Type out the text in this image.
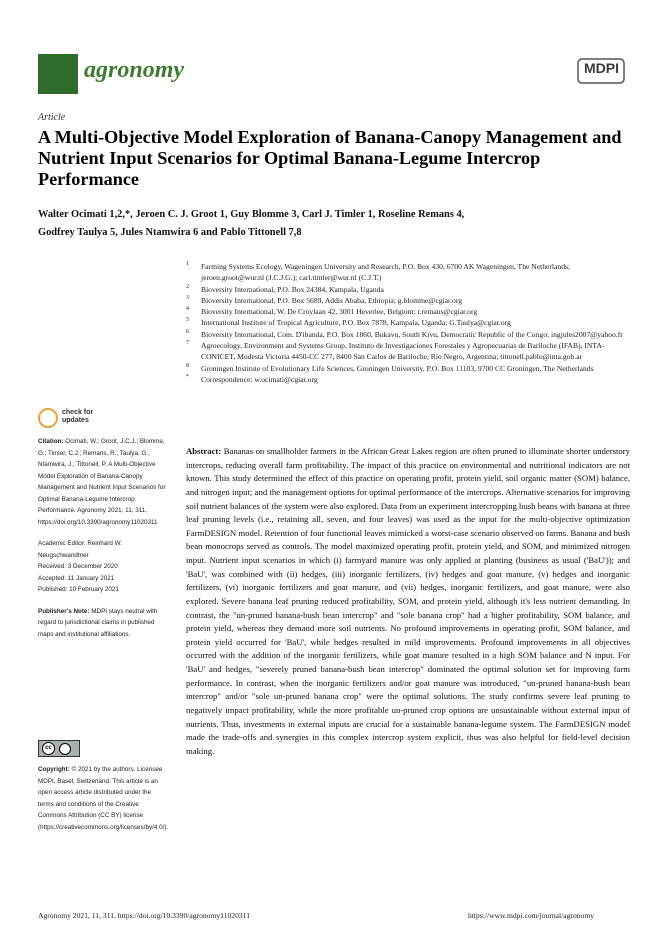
agronomy	MDPI
Article
A Multi-Objective Model Exploration of Banana-Canopy Management and Nutrient Input Scenarios for Optimal Banana-Legume Intercrop Performance
Walter Ocimati 1,2,*, Jeroen C. J. Groot 1, Guy Blomme 3, Carl J. Timler 1, Roseline Remans 4,
Godfrey Taulya 5, Jules Ntamwira 6 and Pablo Tittonell 7,8
1 Farming Systems Ecology, Wageningen University and Research, P.O. Box 430, 6700 AK Wageningen, The Netherlands; jeroen.groot@wur.nl (J.C.J.G.); carl.timler@wur.nl (C.J.T.)
2 Bioversity International, P.O. Box 24384, Kampala, Uganda
3 Bioversity International, P.O. Box 5689, Addis Ababa, Ethiopia; g.blomme@cgiar.org
4 Bioversity International, W. De Croylaan 42, 3001 Heverlee, Belgium; r.remans@cgiar.org
5 International Institute of Tropical Agriculture, P.O. Box 7878, Kampala, Uganda; G.Taulya@cgiar.org
6 Bioversity International, Com. D'ibanda, P.O. Box 1860, Bukavu, South Kivu, Democratic Republic of the Congo; ingjules2007@yahoo.fr
7 Agroecology, Environment and Systems Group, Instituto de Investigaciones Forestales y Agropecuarias de Bariloche (IFAB), INTA-CONICET, Modesta Victoria 4450-CC 277, 8400 San Carlos de Bariloche, Río Negro, Argentina; tittonell.pablo@inta.gob.ar
8 Groningen Institute of Evolutionary Life Sciences, Groningen University, P.O. Box 11103, 9700 CC Groningen, The Netherlands
* Correspondence: w.ocimati@cgiar.org
check for updates
Citation: Ocimati, W.; Groot, J.C.J.; Blomme, G.; Timler, C.J.; Remans, R.; Taulya, G.; Ntamwira, J.; Tittonell, P. A Multi-Objective Model Exploration of Banana-Canopy Management and Nutrient Input Scenarios for Optimal Banana-Legume Intercrop Performance. Agronomy 2021, 11, 311. https://doi.org/10.3390/agronomy11020311
Academic Editor: Reinhard W. Neugschwandtner
Received: 3 December 2020
Accepted: 11 January 2021
Published: 10 February 2021
Publisher's Note: MDPI stays neutral with regard to jurisdictional claims in published maps and institutional affiliations.
cc
Copyright: © 2021 by the authors. Licensee MDPI, Basel, Switzerland. This article is an open access article distributed under the terms and conditions of the Creative Commons Attribution (CC BY) license (https://creativecommons.org/licenses/by/4.0/).
Abstract: Bananas on smallholder farmers in the African Great Lakes region are often pruned to illuminate shorter understory intercrops, reducing overall farm profitability. The impact of this practice on environmental and nutritional indicators are not known. This study determined the effect of this practice on operating profit, protein yield, soil organic matter (SOM) balance, and nitrogen input; and the management options for optimal performance of the intercrops. Alternative scenarios for improving soil nutrient balances of the system were also explored. Data from an experiment intercropping bush beans with banana at three leaf pruning levels (i.e., retaining all, seven, and four leaves) was used as the input for the multi-objective optimization FarmDESIGN model. Retention of four functional leaves mimicked a worst-case scenario observed on farms. Banana and bush bean monocrops served as controls. The model maximized operating profit, protein yield, and SOM, and minimized nitrogen input. Nutrient input scenarios in which (i) farmyard manure was only applied at planting (business as usual ('BaU')); and 'BaU', was combined with (ii) hedges, (iii) inorganic fertilizers, (iv) hedges and goat manure, (v) hedges and inorganic fertilizers, (vi) inorganic fertilizers and goat manure, and (vii) hedges, inorganic fertilizers, and goat manure, were also explored. Severe banana leaf pruning reduced profitability, SOM, and protein yield, although it's less nutrient demanding. In contrast, the "un-pruned banana-bush bean intercrop" and "sole banana crop" had a higher profitability, SOM balance, and protein yield, whereas they demand more soil nutrients. No profound improvements in operating profit, SOM balance, and protein yield occurred for 'BaU', while hedges resulted in mild improvements. Profound improvements in all objectives occurred with the addition of the inorganic fertilizers, while goat manure resulted in a high SOM balance and N input. For 'BaU' and hedges, "severely pruned banana-bush bean intercrop" dominated the optimal solution set for improving farm performance. In contrast, when the inorganic fertilizers and/or goat manure was introduced, "un-pruned banana-bush bean intercrop" and/or "sole un-pruned banana crop" were the optimal solutions. The study confirms severe leaf pruning to negatively impact profitability, while the more profitable un-pruned crop options are unsustainable without external input of nutrients. Thus, investments in external inputs are crucial for a sustainable banana-legume system. The FarmDESIGN model made the trade-offs and synergies in this complex intercrop system explicit, thus was also helpful for field-level decision making.
Agronomy 2021, 11, 311. https://doi.org/10.3390/agronomy11020311	https://www.mdpi.com/journal/agronomy
